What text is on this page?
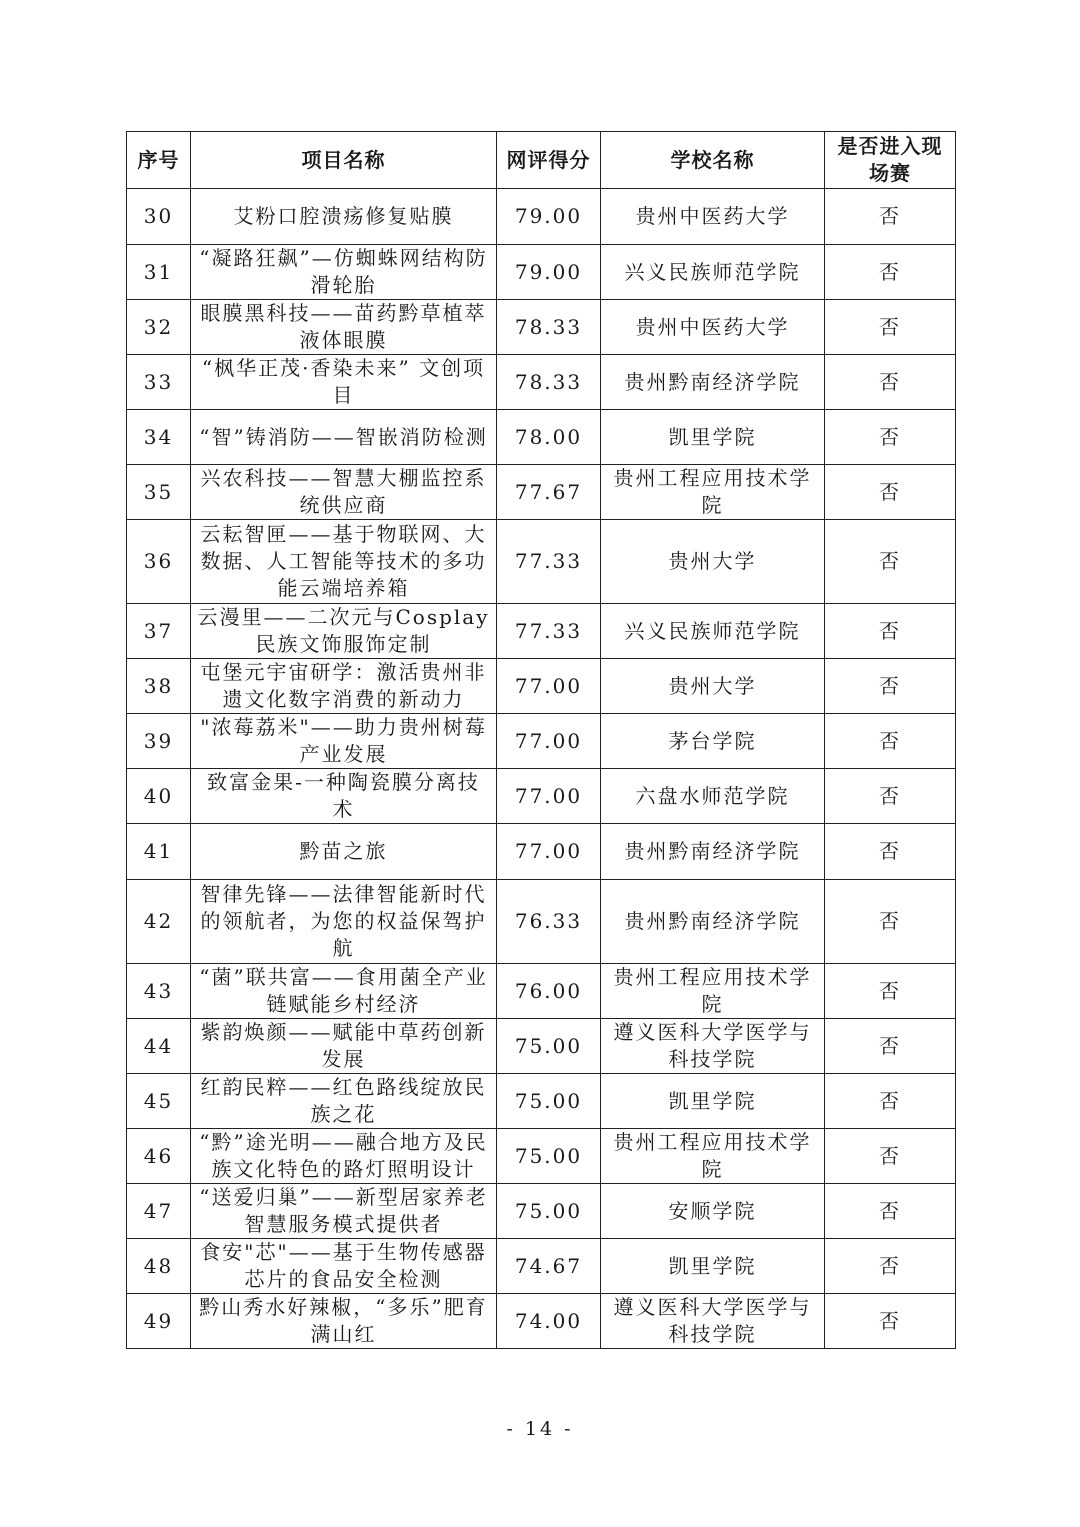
序号	项目名称	网评得分	学校名称	是否进入现场赛
30	艾粉口腔溃疡修复贴膜	79.00	贵州中医药大学	否
31	“凝路狂飙”—仿蜘蛛网结构防滑轮胎	79.00	兴义民族师范学院	否
32	眼膜黑科技——苗药黔草植萃液体眼膜	78.33	贵州中医药大学	否
33	“枫华正茂·香染未来” 文创项目	78.33	贵州黔南经济学院	否
34	“智”铸消防——智嵌消防检测	78.00	凯里学院	否
35	兴农科技——智慧大棚监控系统供应商	77.67	贵州工程应用技术学院	否
36	云耘智匣——基于物联网、大数据、人工智能等技术的多功能云端培养箱	77.33	贵州大学	否
37	云漫里——二次元与Cosplay民族文饰服饰定制	77.33	兴义民族师范学院	否
38	屯堡元宇宙研学：激活贵州非遗文化数字消费的新动力	77.00	贵州大学	否
39	"浓莓荔米"——助力贵州树莓产业发展	77.00	茅台学院	否
40	致富金果-一种陶瓷膜分离技术	77.00	六盘水师范学院	否
41	黔苗之旅	77.00	贵州黔南经济学院	否
42	智律先锋——法律智能新时代的领航者，为您的权益保驾护航	76.33	贵州黔南经济学院	否
43	“菌”联共富——食用菌全产业链赋能乡村经济	76.00	贵州工程应用技术学院	否
44	紫韵焕颜——赋能中草药创新发展	75.00	遵义医科大学医学与科技学院	否
45	红韵民粹——红色路线绽放民族之花	75.00	凯里学院	否
46	“黔”途光明——融合地方及民族文化特色的路灯照明设计	75.00	贵州工程应用技术学院	否
47	“送爱归巢”——新型居家养老智慧服务模式提供者	75.00	安顺学院	否
48	食安"芯"——基于生物传感器芯片的食品安全检测	74.67	凯里学院	否
49	黔山秀水好辣椒，“多乐”肥育满山红	74.00	遵义医科大学医学与科技学院	否
- 14 -
